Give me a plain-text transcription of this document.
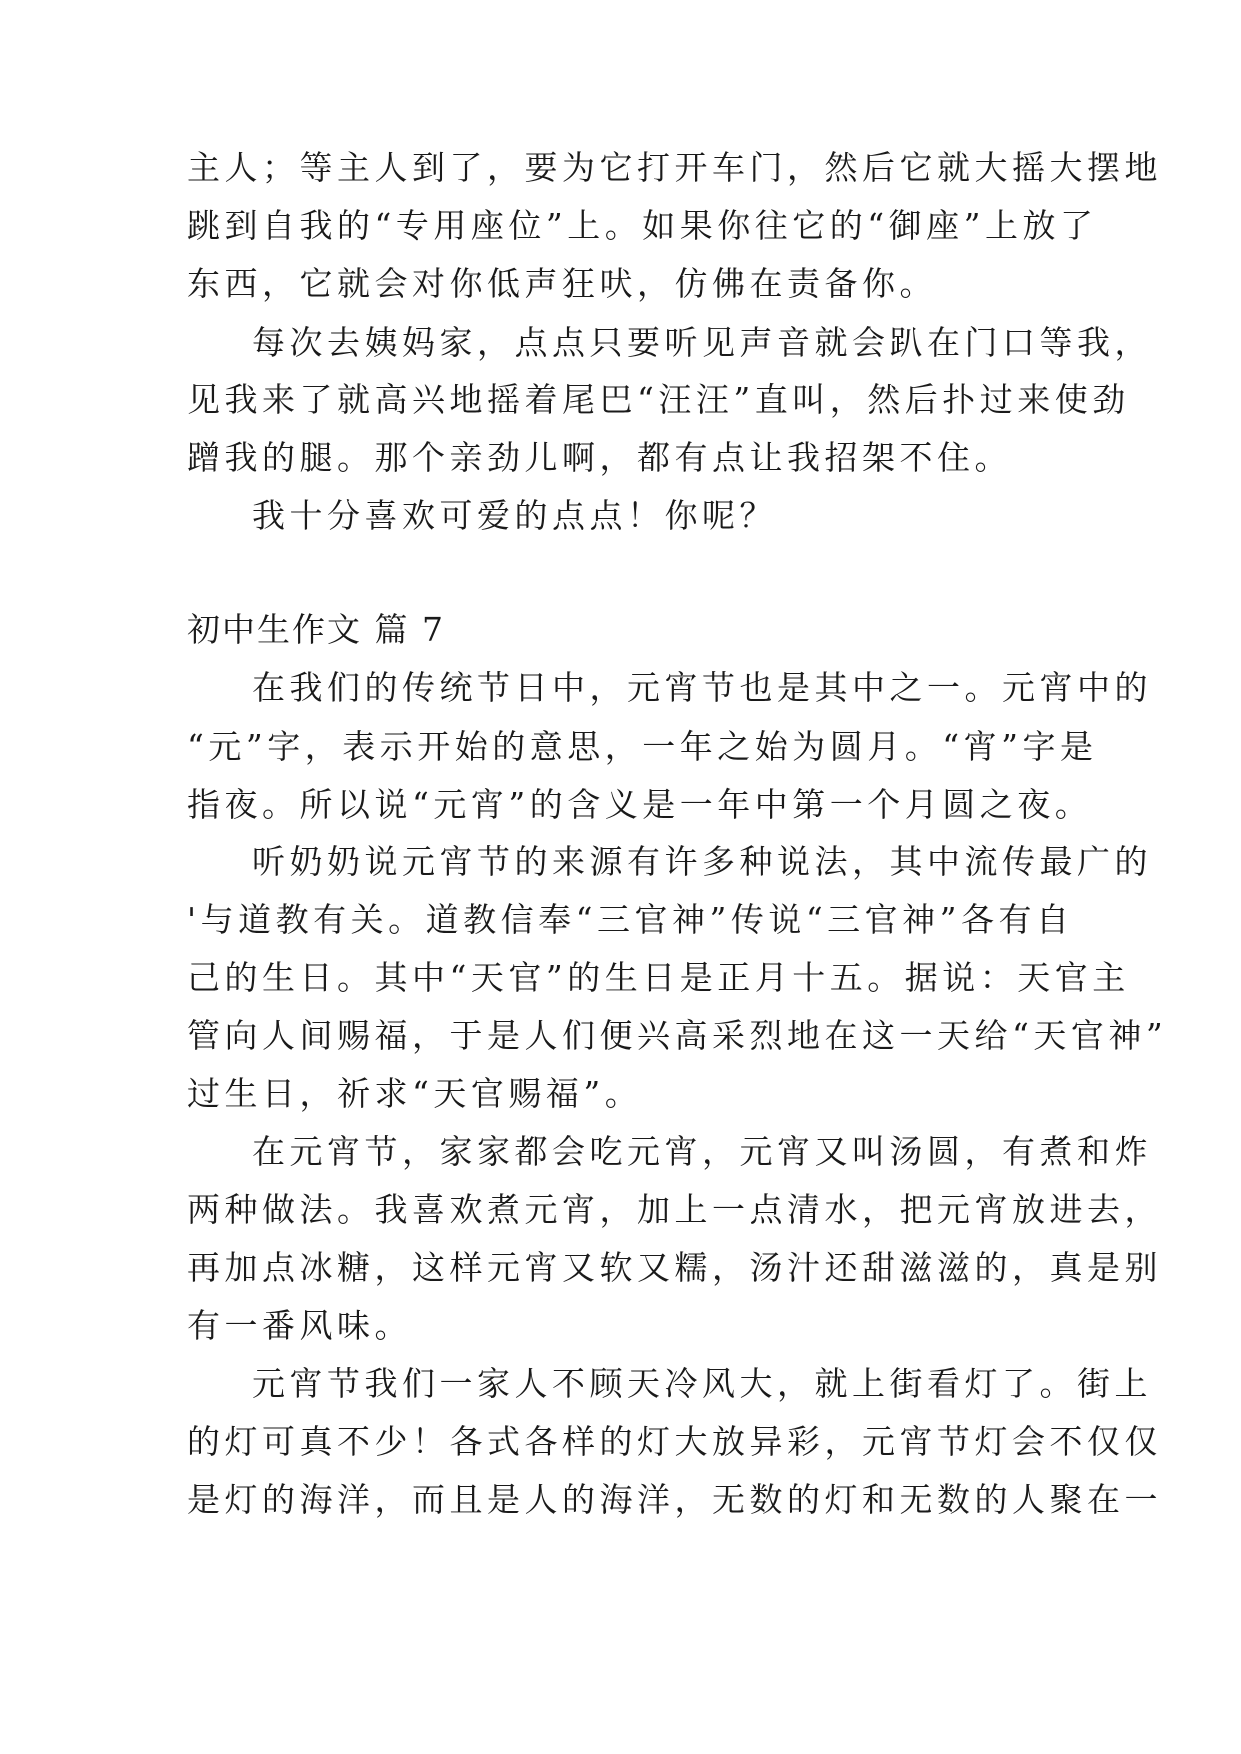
主人；等主人到了，要为它打开车门，然后它就大摇大摆地
跳到自我的“专用座位”上。如果你往它的“御座”上放了
东西，它就会对你低声狂吠，仿佛在责备你。
每次去姨妈家，点点只要听见声音就会趴在门口等我，
见我来了就高兴地摇着尾巴“汪汪”直叫，然后扑过来使劲
蹭我的腿。那个亲劲儿啊，都有点让我招架不住。
我十分喜欢可爱的点点！你呢？
初中生作文 篇 7
在我们的传统节日中，元宵节也是其中之一。元宵中的
“元”字，表示开始的意思，一年之始为圆月。“宵”字是
指夜。所以说“元宵”的含义是一年中第一个月圆之夜。
听奶奶说元宵节的来源有许多种说法，其中流传最广的
'与道教有关。道教信奉“三官神”传说“三官神”各有自
己的生日。其中“天官”的生日是正月十五。据说：天官主
管向人间赐福，于是人们便兴高采烈地在这一天给“天官神”
过生日，祈求“天官赐福”。
在元宵节，家家都会吃元宵，元宵又叫汤圆，有煮和炸
两种做法。我喜欢煮元宵，加上一点清水，把元宵放进去，
再加点冰糖，这样元宵又软又糯，汤汁还甜滋滋的，真是别
有一番风味。
元宵节我们一家人不顾天冷风大，就上街看灯了。街上
的灯可真不少！各式各样的灯大放异彩，元宵节灯会不仅仅
是灯的海洋，而且是人的海洋，无数的灯和无数的人聚在一
